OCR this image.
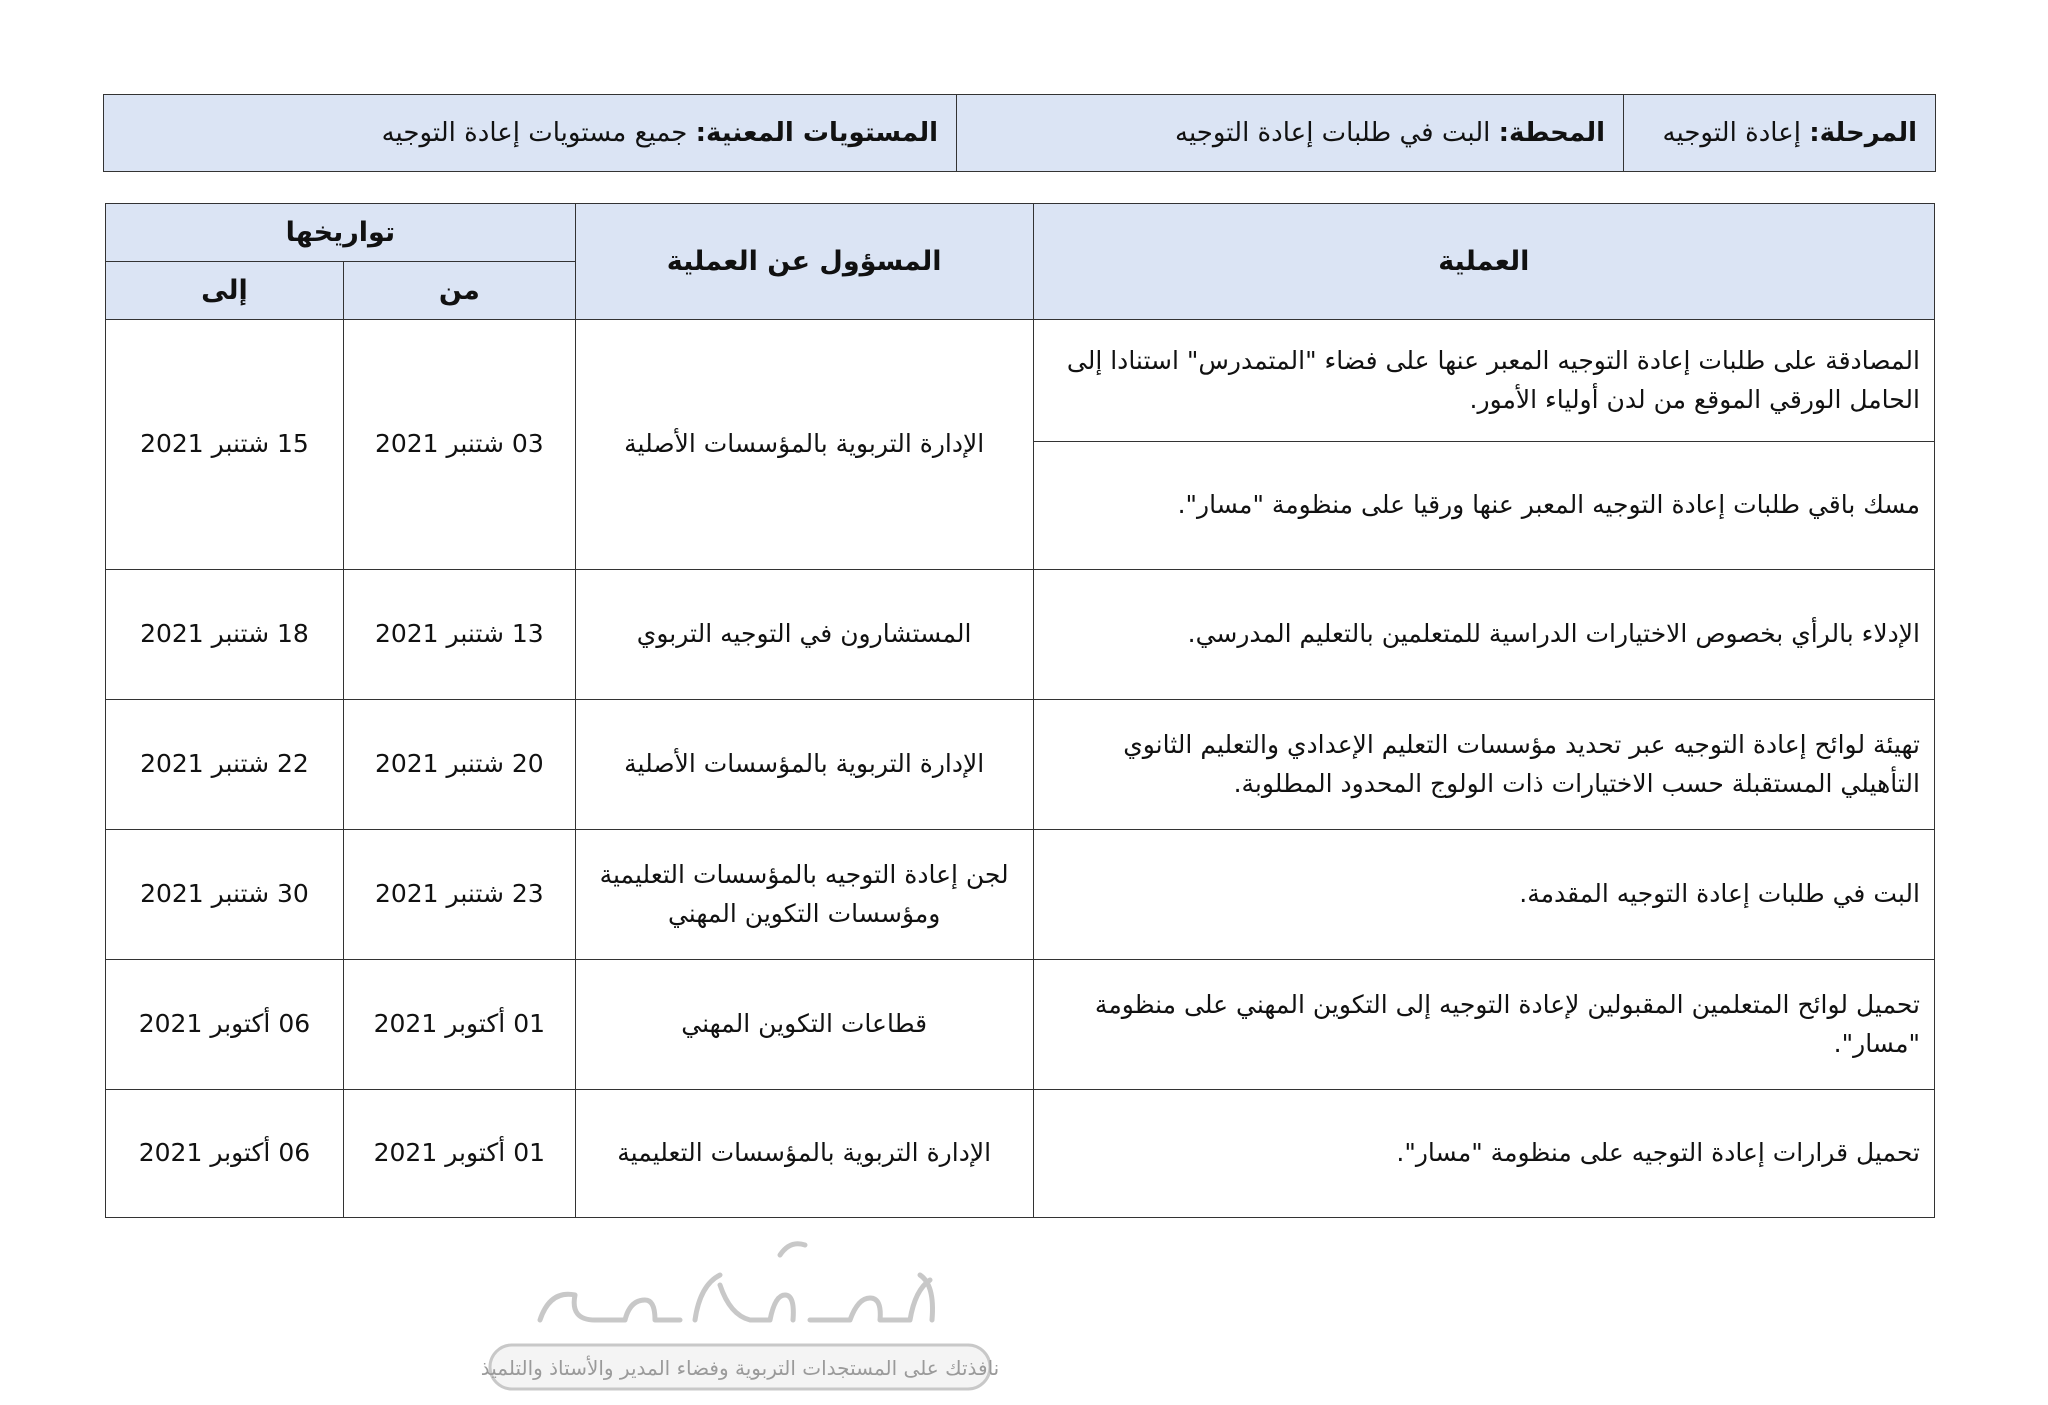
المرحلة: إعادة التوجيه	المحطة: البت في طلبات إعادة التوجيه	المستويات المعنية: جميع مستويات إعادة التوجيه
العملية	المسؤول عن العملية	تواريخها	
		من	إلى
المصادقة على طلبات إعادة التوجيه المعبر عنها على فضاء "المتمدرس" استنادا إلى الحامل الورقي الموقع من لدن أولياء الأمور.	الإدارة التربوية بالمؤسسات الأصلية	03 شتنبر 2021	15 شتنبر 2021
مسك باقي طلبات إعادة التوجيه المعبر عنها ورقيا على منظومة "مسار".			
الإدلاء بالرأي بخصوص الاختيارات الدراسية للمتعلمين بالتعليم المدرسي.	المستشارون في التوجيه التربوي	13 شتنبر 2021	18 شتنبر 2021
تهيئة لوائح إعادة التوجيه عبر تحديد مؤسسات التعليم الإعدادي والتعليم الثانوي التأهيلي المستقبلة حسب الاختيارات ذات الولوج المحدود المطلوبة.	الإدارة التربوية بالمؤسسات الأصلية	20 شتنبر 2021	22 شتنبر 2021
البت في طلبات إعادة التوجيه المقدمة.	لجن إعادة التوجيه بالمؤسسات التعليمية ومؤسسات التكوين المهني	23 شتنبر 2021	30 شتنبر 2021
تحميل لوائح المتعلمين المقبولين لإعادة التوجيه إلى التكوين المهني على منظومة "مسار".	قطاعات التكوين المهني	01 أكتوبر 2021	06 أكتوبر 2021
تحميل قرارات إعادة التوجيه على منظومة "مسار".	الإدارة التربوية بالمؤسسات التعليمية	01 أكتوبر 2021	06 أكتوبر 2021
نافذتك على المستجدات التربوية وفضاء المدير والأستاذ والتلميذ
